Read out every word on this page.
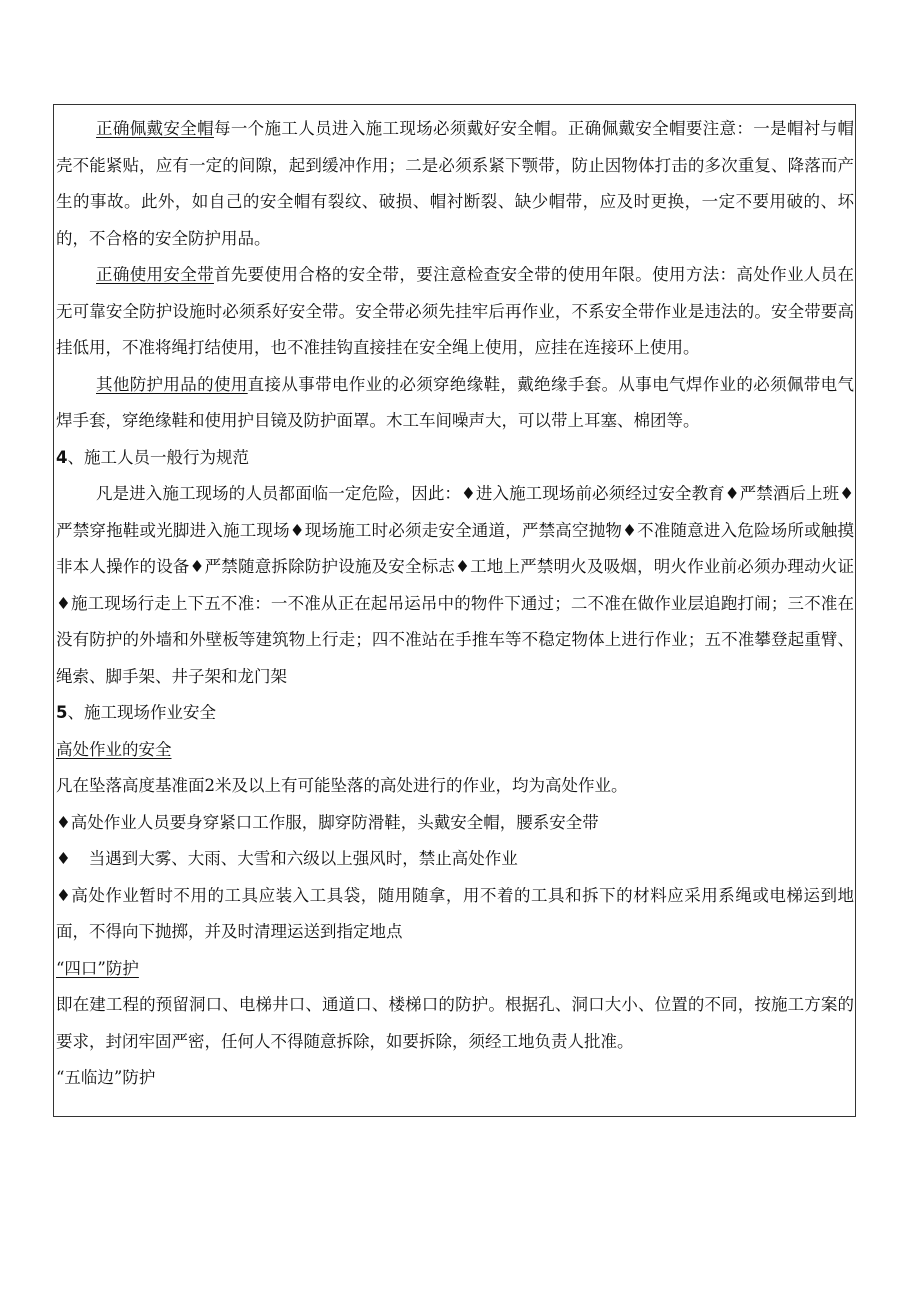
正确佩戴安全帽每一个施工人员进入施工现场必须戴好安全帽。正确佩戴安全帽要注意：一是帽衬与帽壳不能紧贴，应有一定的间隙，起到缓冲作用；二是必须系紧下颚带，防止因物体打击的多次重复、降落而产生的事故。此外，如自己的安全帽有裂纹、破损、帽衬断裂、缺少帽带，应及时更换，一定不要用破的、坏的，不合格的安全防护用品。

正确使用安全带首先要使用合格的安全带，要注意检查安全带的使用年限。使用方法：高处作业人员在无可靠安全防护设施时必须系好安全带。安全带必须先挂牢后再作业，不系安全带作业是违法的。安全带要高挂低用，不准将绳打结使用，也不准挂钩直接挂在安全绳上使用，应挂在连接环上使用。

其他防护用品的使用直接从事带电作业的必须穿绝缘鞋，戴绝缘手套。从事电气焊作业的必须佩带电气焊手套，穿绝缘鞋和使用护目镜及防护面罩。木工车间噪声大，可以带上耳塞、棉团等。

4、施工人员一般行为规范

凡是进入施工现场的人员都面临一定危险，因此：♦进入施工现场前必须经过安全教育♦严禁酒后上班♦严禁穿拖鞋或光脚进入施工现场♦现场施工时必须走安全通道，严禁高空抛物♦不准随意进入危险场所或触摸非本人操作的设备♦严禁随意拆除防护设施及安全标志♦工地上严禁明火及吸烟，明火作业前必须办理动火证♦施工现场行走上下五不准：一不准从正在起吊运吊中的物件下通过；二不准在做作业层追跑打闹；三不准在没有防护的外墙和外壁板等建筑物上行走；四不准站在手推车等不稳定物体上进行作业；五不准攀登起重臂、绳索、脚手架、井子架和龙门架

5、施工现场作业安全

高处作业的安全

凡在坠落高度基准面2米及以上有可能坠落的高处进行的作业，均为高处作业。

♦高处作业人员要身穿紧口工作服，脚穿防滑鞋，头戴安全帽，腰系安全带

♦ 当遇到大雾、大雨、大雪和六级以上强风时，禁止高处作业

♦高处作业暂时不用的工具应装入工具袋，随用随拿，用不着的工具和拆下的材料应采用系绳或电梯运到地面，不得向下抛掷，并及时清理运送到指定地点

“四口”防护

即在建工程的预留洞口、电梯井口、通道口、楼梯口的防护。根据孔、洞口大小、位置的不同，按施工方案的要求，封闭牢固严密，任何人不得随意拆除，如要拆除，须经工地负责人批准。

“五临边”防护
